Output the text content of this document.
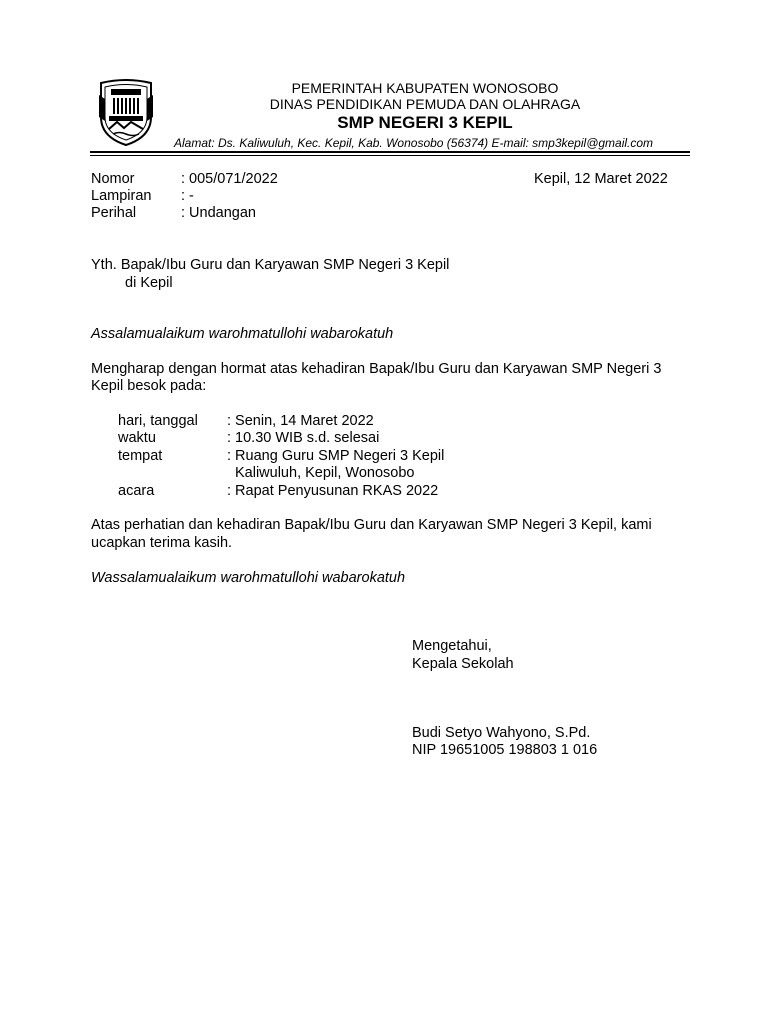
PEMERINTAH KABUPATEN WONOSOBO
DINAS PENDIDIKAN PEMUDA DAN OLAHRAGA
SMP NEGERI 3 KEPIL
Alamat: Ds. Kaliwuluh, Kec. Kepil, Kab. Wonosobo (56374) E-mail: smp3kepil@gmail.com
Nomor	: 005/071/2022	Kepil, 12 Maret 2022
Lampiran : -
Perihal	: Undangan
Yth. Bapak/Ibu Guru dan Karyawan SMP Negeri 3 Kepil
di Kepil
Assalamualaikum warohmatullohi wabarokatuh
Mengharap dengan hormat atas kehadiran Bapak/Ibu Guru dan Karyawan SMP Negeri 3
Kepil besok pada:
hari, tanggal : Senin, 14 Maret 2022
waktu	: 10.30 WIB s.d. selesai
tempat	: Ruang Guru SMP Negeri 3 Kepil
Kaliwuluh, Kepil, Wonosobo
acara	: Rapat Penyusunan RKAS 2022
Atas perhatian dan kehadiran Bapak/Ibu Guru dan Karyawan SMP Negeri 3 Kepil, kami
ucapkan terima kasih.
Wassalamualaikum warohmatullohi wabarokatuh
Mengetahui,
Kepala Sekolah
Budi Setyo Wahyono, S.Pd.
NIP 19651005 198803 1 016
